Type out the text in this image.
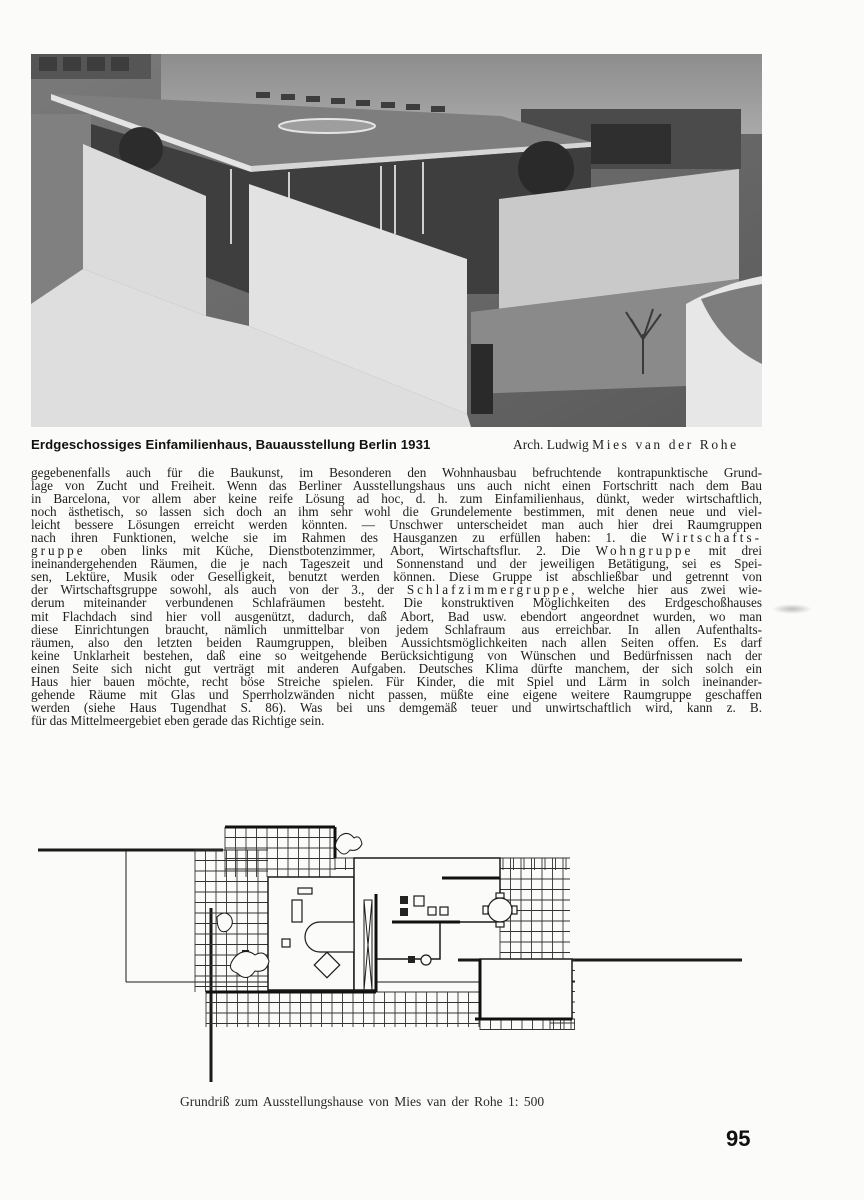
Erdgeschossiges Einfamilienhaus, Bauausstellung Berlin 1931	Arch. Ludwig Mies van der Rohe
gegebenenfalls auch für die Baukunst, im Besonderen den Wohnhausbau befruchtende kontrapunktische Grund-
lage von Zucht und Freiheit. Wenn das Berliner Ausstellungshaus uns auch nicht einen Fortschritt nach dem Bau
in Barcelona, vor allem aber keine reife Lösung ad hoc, d. h. zum Einfamilienhaus, dünkt, weder wirtschaftlich,
noch ästhetisch, so lassen sich doch an ihm sehr wohl die Grundelemente bestimmen, mit denen neue und viel-
leicht bessere Lösungen erreicht werden könnten. — Unschwer unterscheidet man auch hier drei Raumgruppen
nach ihren Funktionen, welche sie im Rahmen des Hausganzen zu erfüllen haben: 1. die Wirtschafts-
gruppe oben links mit Küche, Dienstbotenzimmer, Abort, Wirtschaftsflur. 2. Die Wohngruppe mit drei
ineinandergehenden Räumen, die je nach Tageszeit und Sonnenstand und der jeweiligen Betätigung, sei es Spei-
sen, Lektüre, Musik oder Geselligkeit, benutzt werden können. Diese Gruppe ist abschließbar und getrennt von
der Wirtschaftsgruppe sowohl, als auch von der 3., der Schlafzimmergruppe, welche hier aus zwei wie-
derum miteinander verbundenen Schlafräumen besteht. Die konstruktiven Möglichkeiten des Erdgeschoßhauses
mit Flachdach sind hier voll ausgenützt, dadurch, daß Abort, Bad usw. ebendort angeordnet wurden, wo man
diese Einrichtungen braucht, nämlich unmittelbar von jedem Schlafraum aus erreichbar. In allen Aufenthalts-
räumen, also den letzten beiden Raumgruppen, bleiben Aussichtsmöglichkeiten nach allen Seiten offen. Es darf
keine Unklarheit bestehen, daß eine so weitgehende Berücksichtigung von Wünschen und Bedürfnissen nach der
einen Seite sich nicht gut verträgt mit anderen Aufgaben. Deutsches Klima dürfte manchem, der sich solch ein
Haus hier bauen möchte, recht böse Streiche spielen. Für Kinder, die mit Spiel und Lärm in solch ineinander-
gehende Räume mit Glas und Sperrholzwänden nicht passen, müßte eine eigene weitere Raumgruppe geschaffen
werden (siehe Haus Tugendhat S. 86). Was bei uns demgemäß teuer und unwirtschaftlich wird, kann z. B.
für das Mittelmeergebiet eben gerade das Richtige sein.
Grundriß zum Ausstellungshause von Mies van der Rohe 1: 500
95
